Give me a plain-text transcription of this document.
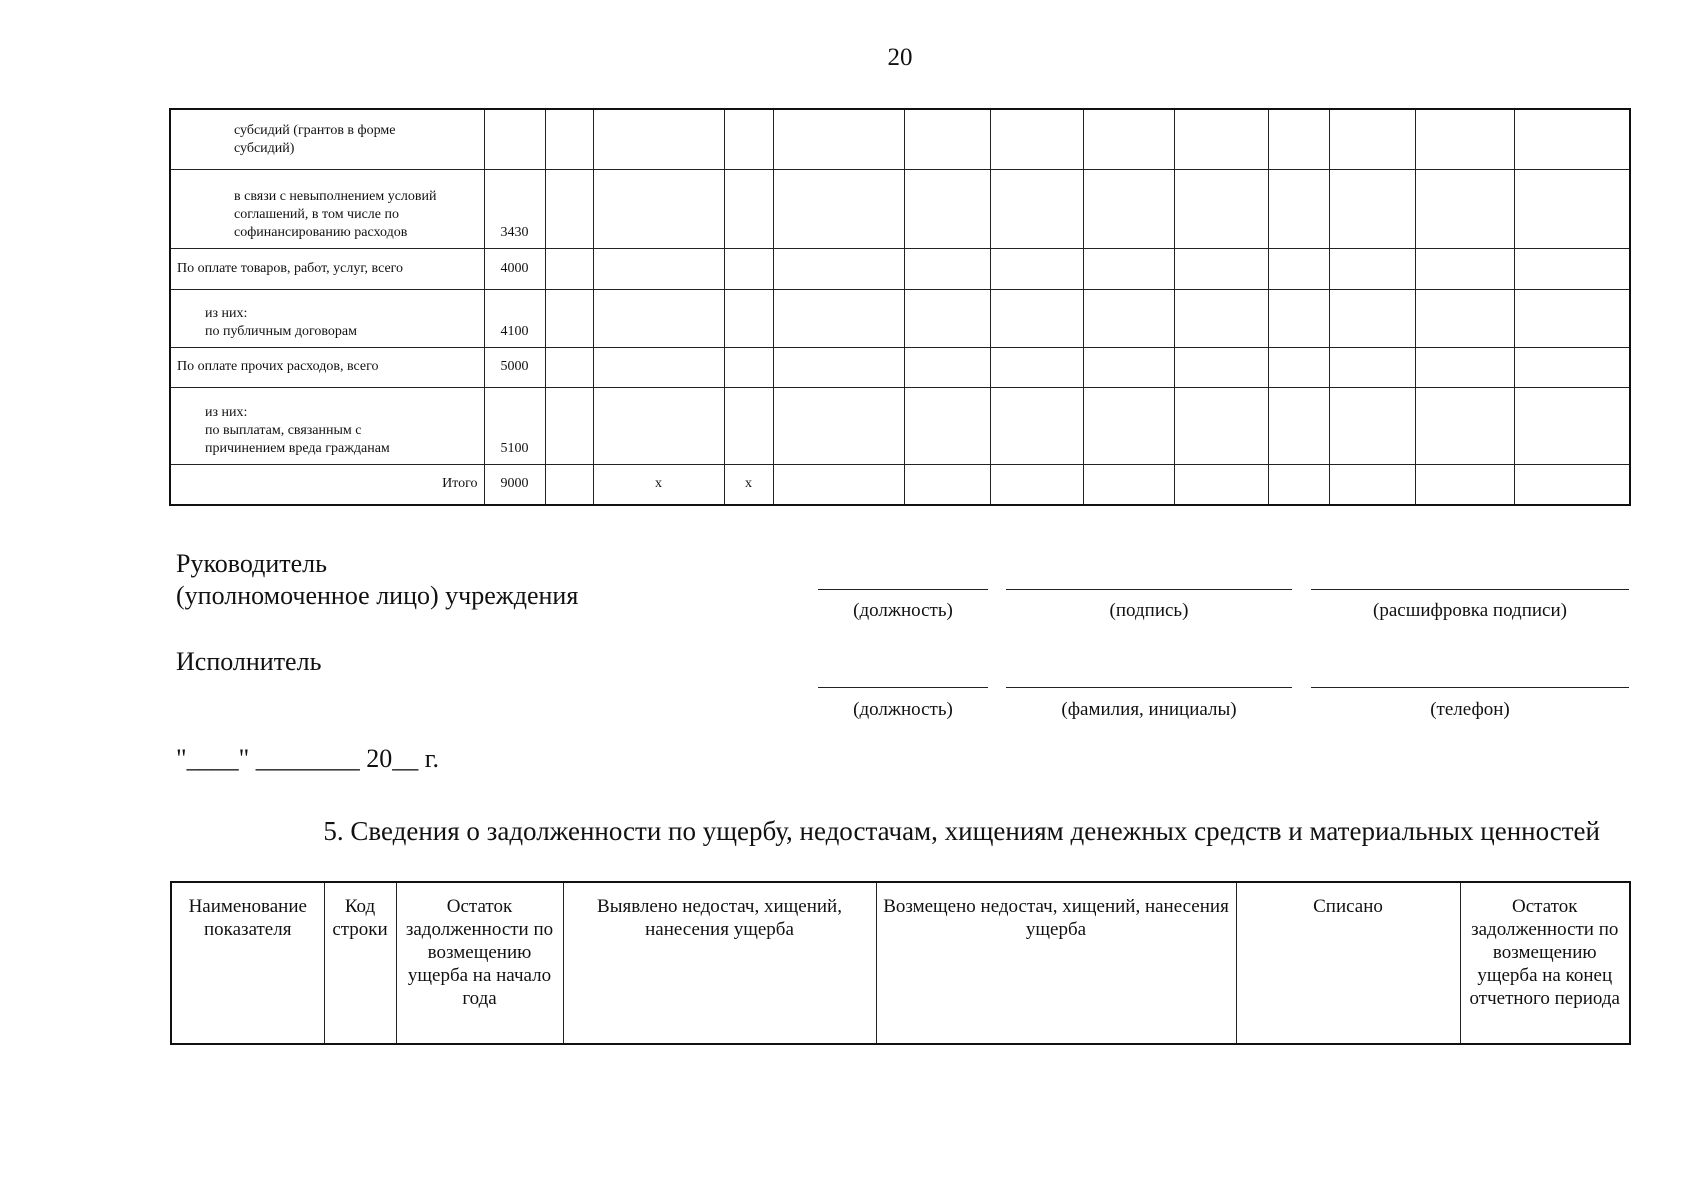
20
субсидий (грантов в форме
субсидий)													

в связи с невыполнением условий
соглашений, в том числе по
софинансированию расходов	3430												
По оплате товаров, работ, услуг, всего	4000												

из них:
по публичным договорам	4100												
По оплате прочих расходов, всего	5000												

из них:
по выплатам, связанным с
причинением вреда гражданам	5100												
Итого	9000		x	x									
Руководитель
(уполномоченное лицо) учреждения
(должность)	(подпись)	(расшифровка подписи)
Исполнитель
(должность)	(фамилия, инициалы)	(телефон)
"____" ________ 20__ г.
5. Сведения о задолженности по ущербу, недостачам, хищениям денежных средств и материальных ценностей
Наименование показателя	Код строки	Остаток задолженности по возмещению ущерба на начало года	Выявлено недостач, хищений, нанесения ущерба	Возмещено недостач, хищений, нанесения ущерба	Списано	Остаток задолженности по возмещению ущерба на конец отчетного периода
